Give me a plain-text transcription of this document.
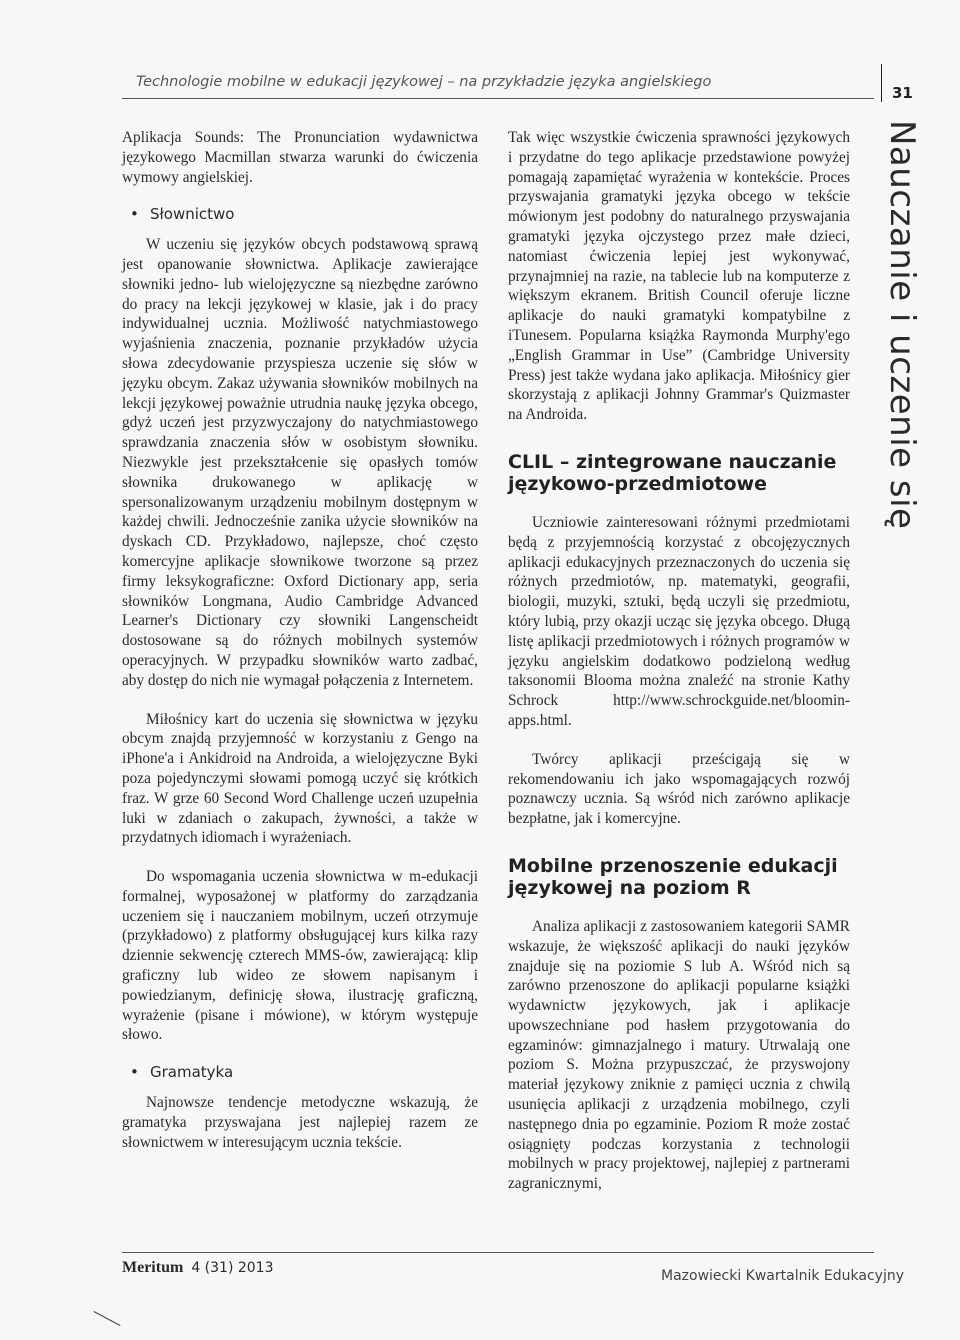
Technologie mobilne w edukacji językowej – na przykładzie języka angielskiego
31
Nauczanie i uczenie się

Aplikacja Sounds: The Pronunciation wydawnictwa językowego Macmillan stwarza warunki do ćwiczenia wymowy angielskiej.

• Słownictwo

W uczeniu się języków obcych podstawową sprawą jest opanowanie słownictwa. Aplikacje zawierające słowniki jedno- lub wielojęzyczne są niezbędne zarówno do pracy na lekcji językowej w klasie, jak i do pracy indywidualnej ucznia. Możliwość natychmiastowego wyjaśnienia znaczenia, poznanie przykładów użycia słowa zdecydowanie przyspiesza uczenie się słów w języku obcym. Zakaz używania słowników mobilnych na lekcji językowej poważnie utrudnia naukę języka obcego, gdyż uczeń jest przyzwyczajony do natychmiastowego sprawdzania znaczenia słów w osobistym słowniku. Niezwykle jest przekształcenie się opasłych tomów słownika drukowanego w aplikację w spersonalizowanym urządzeniu mobilnym dostępnym w każdej chwili. Jednocześnie zanika użycie słowników na dyskach CD. Przykładowo, najlepsze, choć często komercyjne aplikacje słownikowe tworzone są przez firmy leksykograficzne: Oxford Dictionary app, seria słowników Longmana, Audio Cambridge Advanced Learner's Dictionary czy słowniki Langenscheidt dostosowane są do różnych mobilnych systemów operacyjnych. W przypadku słowników warto zadbać, aby dostęp do nich nie wymagał połączenia z Internetem.

Miłośnicy kart do uczenia się słownictwa w języku obcym znajdą przyjemność w korzystaniu z Gengo na iPhone'a i Ankidroid na Androida, a wielojęzyczne Byki poza pojedynczymi słowami pomogą uczyć się krótkich fraz. W grze 60 Second Word Challenge uczeń uzupełnia luki w zdaniach o zakupach, żywności, a także w przydatnych idiomach i wyrażeniach.

Do wspomagania uczenia słownictwa w m-edukacji formalnej, wyposażonej w platformy do zarządzania uczeniem się i nauczaniem mobilnym, uczeń otrzymuje (przykładowo) z platformy obsługującej kurs kilka razy dziennie sekwencję czterech MMS-ów, zawierającą: klip graficzny lub wideo ze słowem napisanym i powiedzianym, definicję słowa, ilustrację graficzną, wyrażenie (pisane i mówione), w którym występuje słowo.

• Gramatyka

Najnowsze tendencje metodyczne wskazują, że gramatyka przyswajana jest najlepiej razem ze słownictwem w interesującym ucznia tekście.

Tak więc wszystkie ćwiczenia sprawności językowych i przydatne do tego aplikacje przedstawione powyżej pomagają zapamiętać wyrażenia w kontekście. Proces przyswajania gramatyki języka obcego w tekście mówionym jest podobny do naturalnego przyswajania gramatyki języka ojczystego przez małe dzieci, natomiast ćwiczenia lepiej jest wykonywać, przynajmniej na razie, na tablecie lub na komputerze z większym ekranem. British Council oferuje liczne aplikacje do nauki gramatyki kompatybilne z iTunesem. Popularna książka Raymonda Murphy'ego „English Grammar in Use” (Cambridge University Press) jest także wydana jako aplikacja. Miłośnicy gier skorzystają z aplikacji Johnny Grammar's Quizmaster na Androida.

CLIL – zintegrowane nauczanie językowo-przedmiotowe

Uczniowie zainteresowani różnymi przedmiotami będą z przyjemnością korzystać z obcojęzycznych aplikacji edukacyjnych przeznaczonych do uczenia się różnych przedmiotów, np. matematyki, geografii, biologii, muzyki, sztuki, będą uczyli się przedmiotu, który lubią, przy okazji ucząc się języka obcego. Długą listę aplikacji przedmiotowych i różnych programów w języku angielskim dodatkowo podzieloną według taksonomii Blooma można znaleźć na stronie Kathy Schrock http://www.schrockguide.net/bloomin-apps.html.

Twórcy aplikacji prześcigają się w rekomendowaniu ich jako wspomagających rozwój poznawczy ucznia. Są wśród nich zarówno aplikacje bezpłatne, jak i komercyjne.

Mobilne przenoszenie edukacji językowej na poziom R

Analiza aplikacji z zastosowaniem kategorii SAMR wskazuje, że większość aplikacji do nauki języków znajduje się na poziomie S lub A. Wśród nich są zarówno przenoszone do aplikacji popularne książki wydawnictw językowych, jak i aplikacje upowszechniane pod hasłem przygotowania do egzaminów: gimnazjalnego i matury. Utrwalają one poziom S. Można przypuszczać, że przyswojony materiał językowy zniknie z pamięci ucznia z chwilą usunięcia aplikacji z urządzenia mobilnego, czyli następnego dnia po egzaminie. Poziom R może zostać osiągnięty podczas korzystania z technologii mobilnych w pracy projektowej, najlepiej z partnerami zagranicznymi,

Meritum 4 (31) 2013	Mazowiecki Kwartalnik Edukacyjny
